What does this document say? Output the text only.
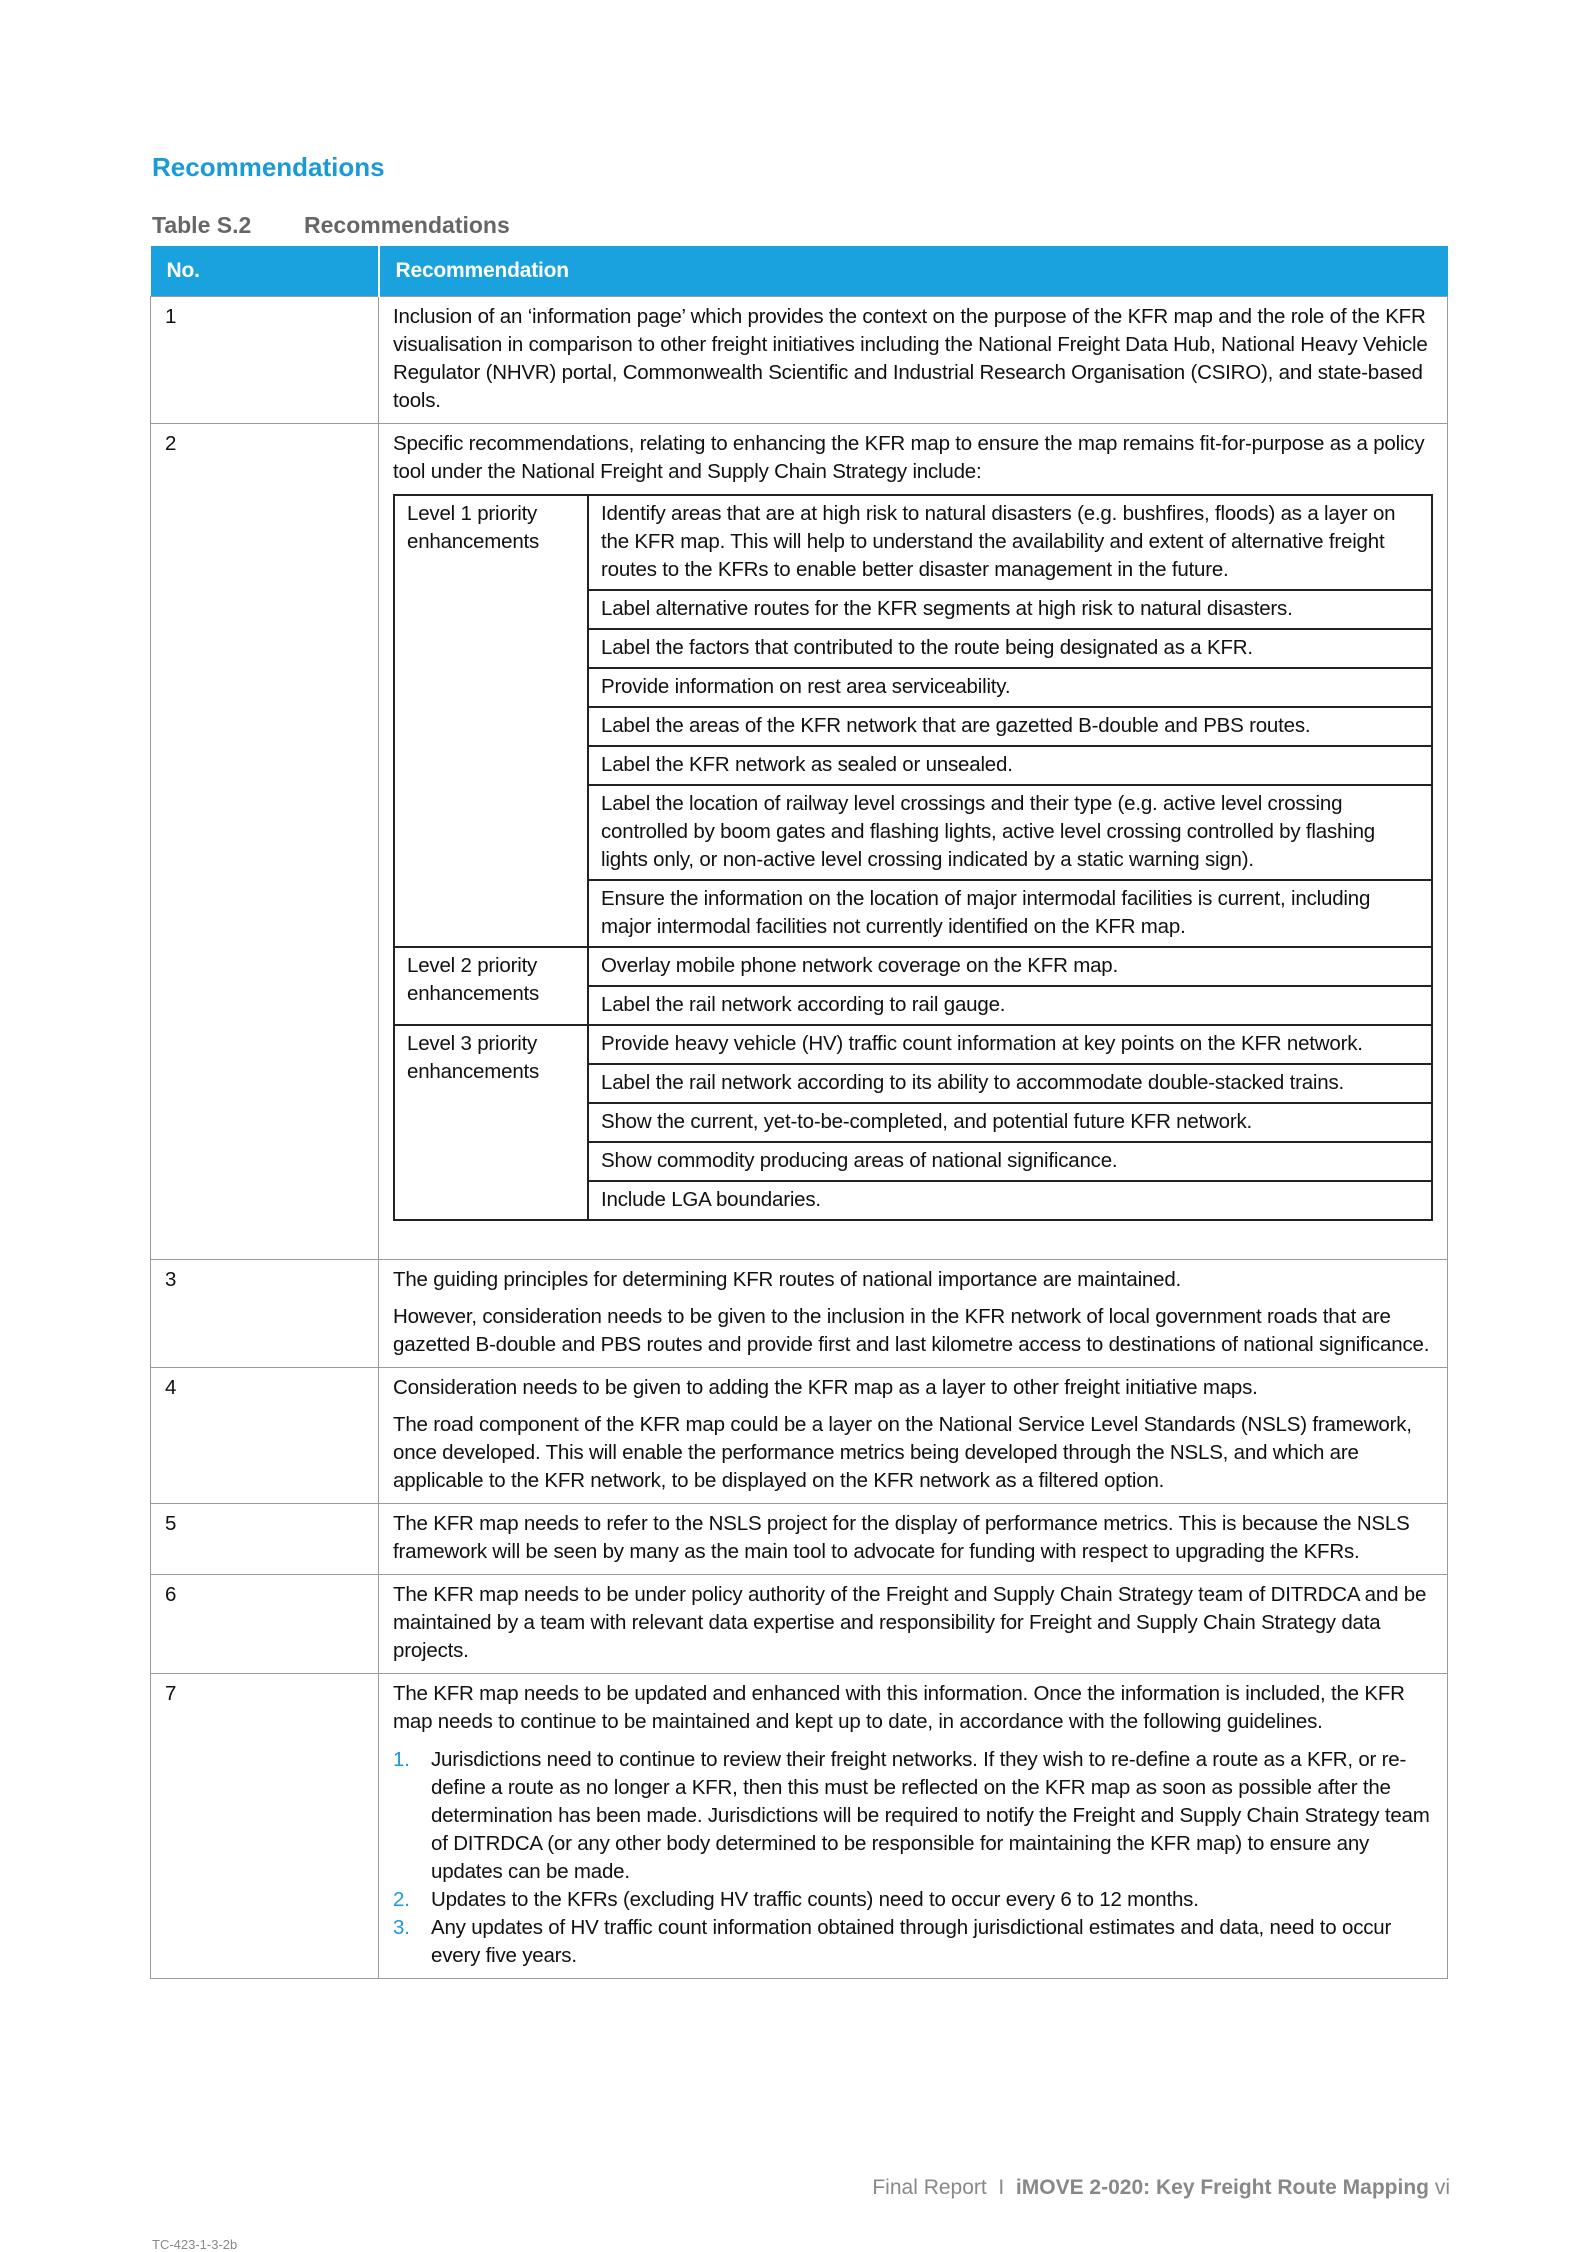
Recommendations
Table S.2 Recommendations
No.	Recommendation
1	Inclusion of an ‘information page’ which provides the context on the purpose of the KFR map and the role of the KFR visualisation in comparison to other freight initiatives including the National Freight Data Hub, National Heavy Vehicle Regulator (NHVR) portal, Commonwealth Scientific and Industrial Research Organisation (CSIRO), and state-based tools.

2	Specific recommendations, relating to enhancing the KFR map to ensure the map remains fit-for-purpose as a policy tool under the National Freight and Supply Chain Strategy include:

Level 1 priority enhancements	Identify areas that are at high risk to natural disasters (e.g. bushfires, floods) as a layer on the KFR map. This will help to understand the availability and extent of alternative freight routes to the KFRs to enable better disaster management in the future.
Label alternative routes for the KFR segments at high risk to natural disasters.
Label the factors that contributed to the route being designated as a KFR.
Provide information on rest area serviceability.
Label the areas of the KFR network that are gazetted B-double and PBS routes.
Label the KFR network as sealed or unsealed.
Label the location of railway level crossings and their type (e.g. active level crossing controlled by boom gates and flashing lights, active level crossing controlled by flashing lights only, or non-active level crossing indicated by a static warning sign).
Ensure the information on the location of major intermodal facilities is current, including major intermodal facilities not currently identified on the KFR map.
Level 2 priority enhancements	Overlay mobile phone network coverage on the KFR map.
Label the rail network according to rail gauge.
Level 3 priority enhancements	Provide heavy vehicle (HV) traffic count information at key points on the KFR network.
Label the rail network according to its ability to accommodate double-stacked trains.
Show the current, yet-to-be-completed, and potential future KFR network.
Show commodity producing areas of national significance.
Include LGA boundaries.

3	The guiding principles for determining KFR routes of national importance are maintained.

However, consideration needs to be given to the inclusion in the KFR network of local government roads that are gazetted B-double and PBS routes and provide first and last kilometre access to destinations of national significance.

4	Consideration needs to be given to adding the KFR map as a layer to other freight initiative maps.

The road component of the KFR map could be a layer on the National Service Level Standards (NSLS) framework, once developed. This will enable the performance metrics being developed through the NSLS, and which are applicable to the KFR network, to be displayed on the KFR network as a filtered option.

5	The KFR map needs to refer to the NSLS project for the display of performance metrics. This is because the NSLS framework will be seen by many as the main tool to advocate for funding with respect to upgrading the KFRs.

6	The KFR map needs to be under policy authority of the Freight and Supply Chain Strategy team of DITRDCA and be maintained by a team with relevant data expertise and responsibility for Freight and Supply Chain Strategy data projects.

7	The KFR map needs to be updated and enhanced with this information. Once the information is included, the KFR map needs to continue to be maintained and kept up to date, in accordance with the following guidelines.

1. Jurisdictions need to continue to review their freight networks. If they wish to re-define a route as a KFR, or re-define a route as no longer a KFR, then this must be reflected on the KFR map as soon as possible after the determination has been made. Jurisdictions will be required to notify the Freight and Supply Chain Strategy team of DITRDCA (or any other body determined to be responsible for maintaining the KFR map) to ensure any updates can be made.
2. Updates to the KFRs (excluding HV traffic counts) need to occur every 6 to 12 months.
3. Any updates of HV traffic count information obtained through jurisdictional estimates and data, need to occur every five years.
Final Report I iMOVE 2-020: Key Freight Route Mapping vi
TC-423-1-3-2b
